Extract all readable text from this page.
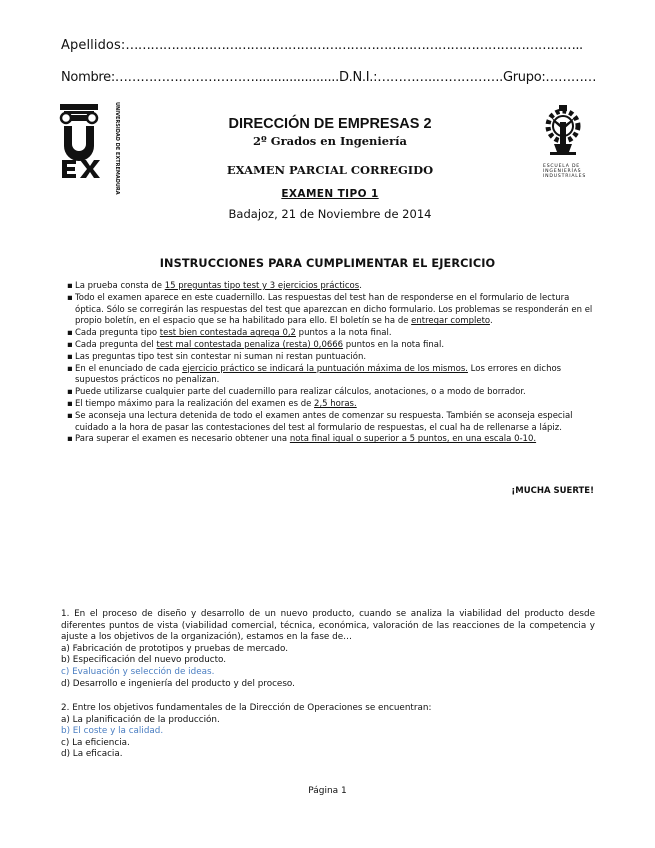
Apellidos:………………………………………………………………………………………………..
Nombre:……………………………......................D.N.I.:…………..…………….Grupo:…………
UNIVERSIDAD DE EXTREMADURA	ESCUELA DE INGENIERÍAS INDUSTRIALES
DIRECCIÓN DE EMPRESAS 2
2º Grados en Ingeniería
EXAMEN PARCIAL CORREGIDO
EXAMEN TIPO 1
Badajoz, 21 de Noviembre de 2014
INSTRUCCIONES PARA CUMPLIMENTAR EL EJERCICIO
▪ La prueba consta de 15 preguntas tipo test y 3 ejercicios prácticos.
▪ Todo el examen aparece en este cuadernillo. Las respuestas del test han de responderse en el formulario de lectura óptica. Sólo se corregirán las respuestas del test que aparezcan en dicho formulario. Los problemas se responderán en el propio boletín, en el espacio que se ha habilitado para ello. El boletín se ha de entregar completo.
▪ Cada pregunta tipo test bien contestada agrega 0,2 puntos a la nota final.
▪ Cada pregunta del test mal contestada penaliza (resta) 0,0666 puntos en la nota final.
▪ Las preguntas tipo test sin contestar ni suman ni restan puntuación.
▪ En el enunciado de cada ejercicio práctico se indicará la puntuación máxima de los mismos. Los errores en dichos supuestos prácticos no penalizan.
▪ Puede utilizarse cualquier parte del cuadernillo para realizar cálculos, anotaciones, o a modo de borrador.
▪ El tiempo máximo para la realización del examen es de 2,5 horas.
▪ Se aconseja una lectura detenida de todo el examen antes de comenzar su respuesta. También se aconseja especial cuidado a la hora de pasar las contestaciones del test al formulario de respuestas, el cual ha de rellenarse a lápiz.
▪ Para superar el examen es necesario obtener una nota final igual o superior a 5 puntos, en una escala 0-10.
¡MUCHA SUERTE!
1. En el proceso de diseño y desarrollo de un nuevo producto, cuando se analiza la viabilidad del producto desde diferentes puntos de vista (viabilidad comercial, técnica, económica, valoración de las reacciones de la competencia y ajuste a los objetivos de la organización), estamos en la fase de…
a) Fabricación de prototipos y pruebas de mercado.
b) Especificación del nuevo producto.
c) Evaluación y selección de ideas.
d) Desarrollo e ingeniería del producto y del proceso.
2. Entre los objetivos fundamentales de la Dirección de Operaciones se encuentran:
a) La planificación de la producción.
b) El coste y la calidad.
c) La eficiencia.
d) La eficacia.
Página 1
